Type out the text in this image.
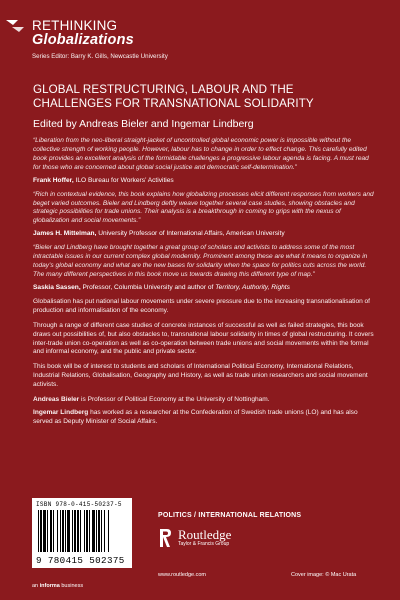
RETHINKING
Globalizations
Series Editor: Barry K. Gills, Newcastle University
GLOBAL RESTRUCTURING, LABOUR AND THE
CHALLENGES FOR TRANSNATIONAL SOLIDARITY
Edited by Andreas Bieler and Ingemar Lindberg
“Liberation from the neo-liberal straight-jacket of uncontrolled global economic power is impossible without the collective strength of working people. However, labour has to change in order to effect change. This carefully edited book provides an excellent analysis of the formidable challenges a progressive labour agenda is facing. A must read for those who are concerned about global social justice and democratic self-determination.”
Frank Hoffer, ILO Bureau for Workers’ Activities
“Rich in contextual evidence, this book explains how globalizing processes elicit different responses from workers and beget varied outcomes. Bieler and Lindberg deftly weave together several case studies, showing obstacles and strategic possibilities for trade unions. Their analysis is a breakthrough in coming to grips with the nexus of globalization and social movements.”
James H. Mittelman, University Professor of International Affairs, American University
“Bieler and Lindberg have brought together a great group of scholars and activists to address some of the most intractable issues in our current complex global modernity. Prominent among these are what it means to organize in today’s global economy and what are the new bases for solidarity when the space for politics cuts across the world. The many different perspectives in this book move us towards drawing this different type of map.”
Saskia Sassen, Professor, Columbia University and author of Territory, Authority, Rights
Globalisation has put national labour movements under severe pressure due to the increasing transnationalisation of production and informalisation of the economy.
Through a range of different case studies of concrete instances of successful as well as failed strategies, this book draws out possibilities of, but also obstacles to, transnational labour solidarity in times of global restructuring. It covers inter-trade union co-operation as well as co-operation between trade unions and social movements within the formal and informal economy, and the public and private sector.
This book will be of interest to students and scholars of International Political Economy, International Relations, Industrial Relations, Globalisation, Geography and History, as well as trade union researchers and social movement activists.
Andreas Bieler is Professor of Political Economy at the University of Nottingham.
Ingemar Lindberg has worked as a researcher at the Confederation of Swedish trade unions (LO) and has also served as Deputy Minister of Social Affairs.
ISBN 978-0-415-50237-5
9 780415 502375
POLITICS / INTERNATIONAL RELATIONS
Routledge
Taylor & Francis Group
www.routledge.com	Cover image: © Mac Urata
an informa business
